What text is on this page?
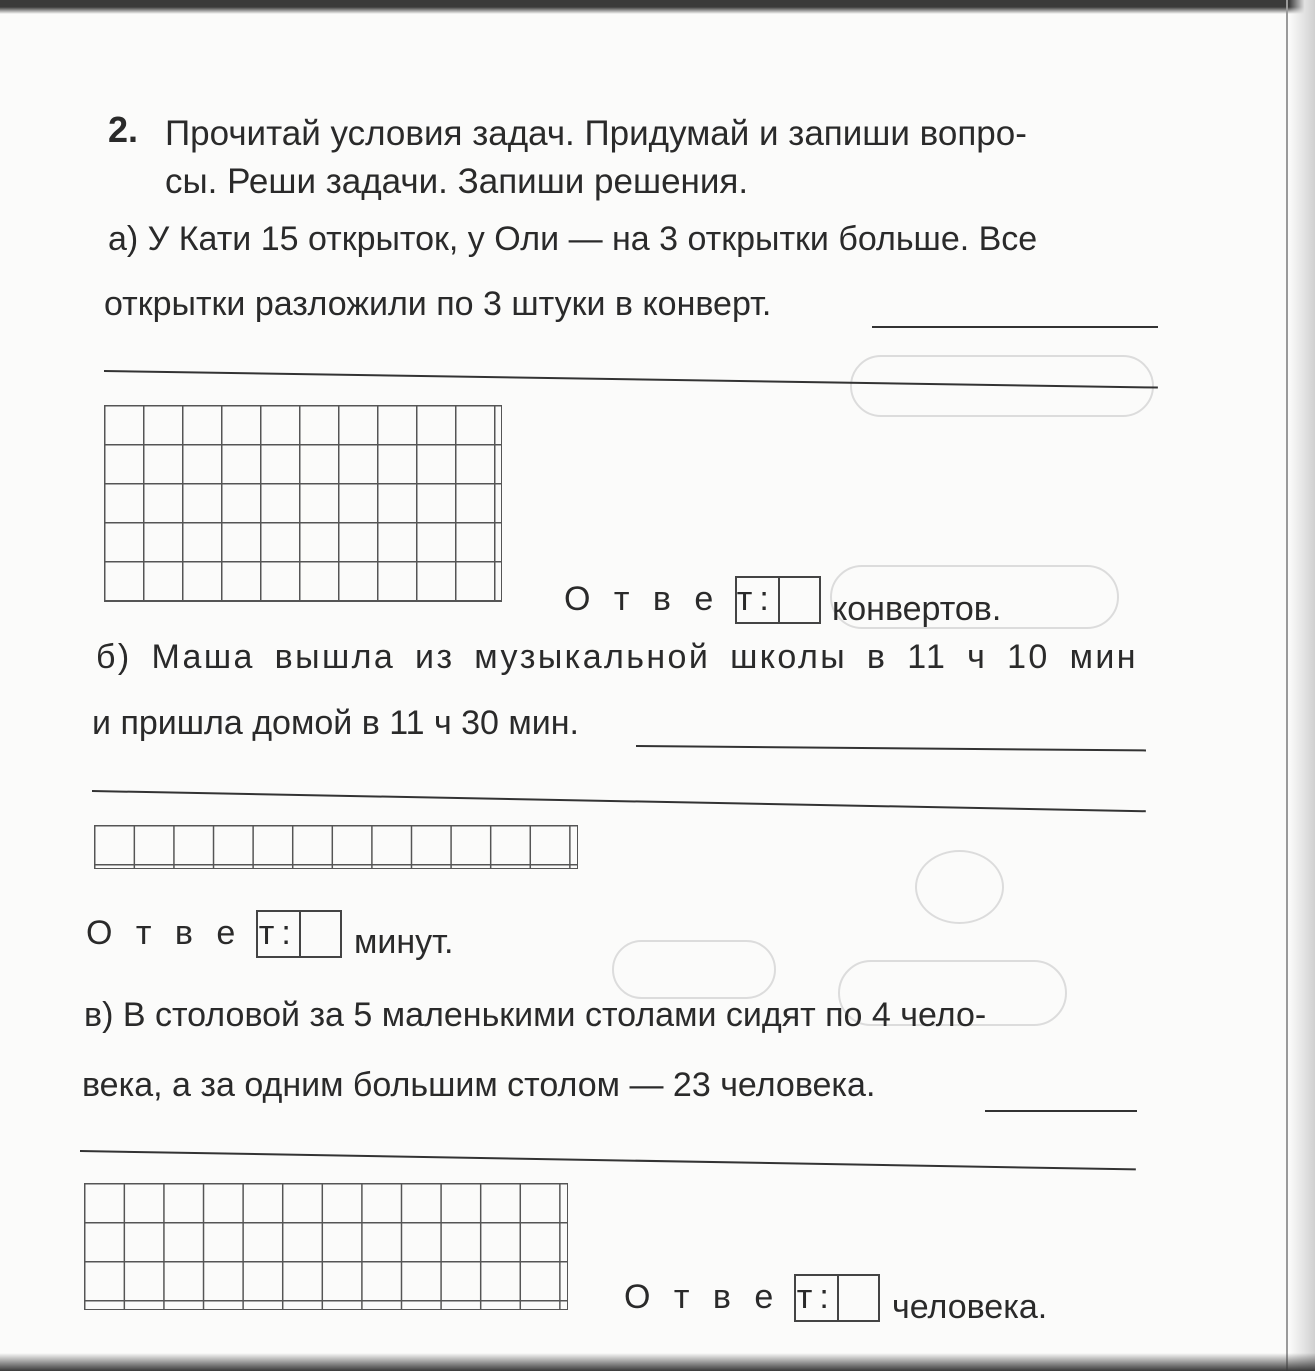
2. Прочитай условия задач. Придумай и запиши вопро-
сы. Реши задачи. Запиши решения.
а) У Кати 15 открыток, у Оли — на 3 открытки больше. Все
открытки разложили по 3 штуки в конверт.
О т в е т: конвертов.
б) Маша вышла из музыкальной школы в 11 ч 10 мин
и пришла домой в 11 ч 30 мин.
О т в е т: минут.
в) В столовой за 5 маленькими столами сидят по 4 чело-
века, а за одним большим столом — 23 человека.
О т в е т: человека.
